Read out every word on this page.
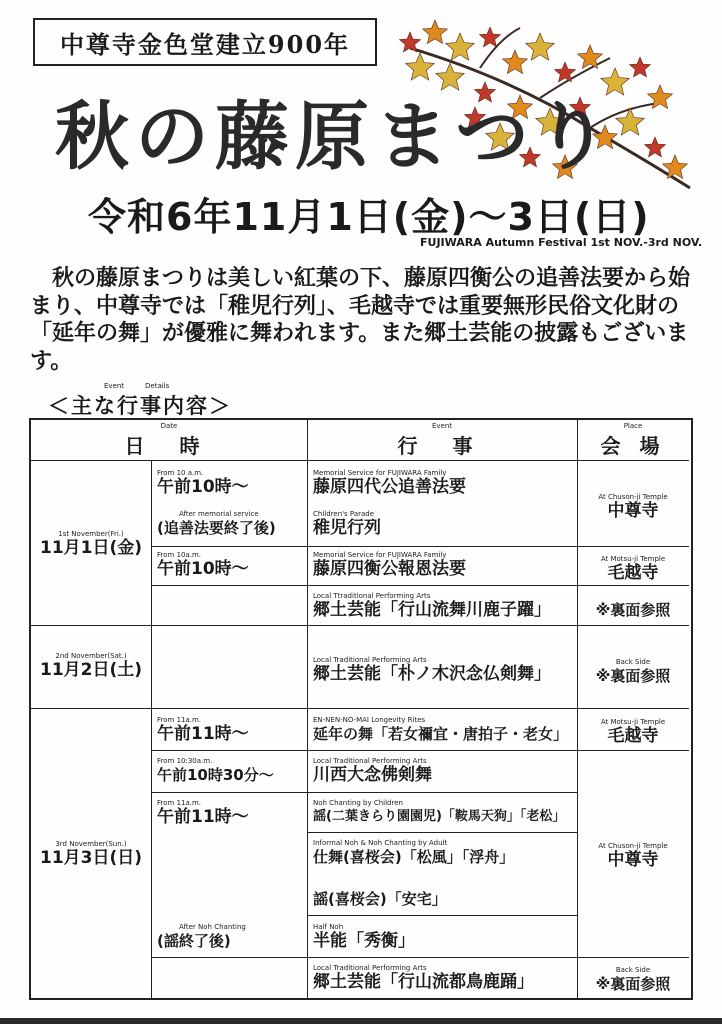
中尊寺金色堂建立900年
秋の藤原まつり
令和6年11月1日(金)〜3日(日)
FUJIWARA Autumn Festival 1st NOV.-3rd NOV.
秋の藤原まつりは美しい紅葉の下、藤原四衡公の追善法要から始まり、中尊寺では「稚児行列」、毛越寺では重要無形民俗文化財の「延年の舞」が優雅に舞われます。また郷土芸能の披露もございます。
Event	Details
＜主な行事内容＞
Date
日 時
Event
行 事
Place
会 場
1st November(Fri.)
11月1日(金)
2nd November(Sat.)
11月2日(土)
3rd November(Sun.)
11月3日(日)
From 10 a.m.
午前10時〜
After memorial service
(追善法要終了後)
From 10a.m.
午前10時〜
From 11a.m.
午前11時〜
From 10:30a.m.
午前10時30分〜
From 11a.m.
午前11時〜
After Noh Chanting
(謡終了後)
Memorial Service for FUJIWARA Family
藤原四代公追善法要
Children's Parade
稚児行列
Memorial Service for FUJIWARA Family
藤原四衡公報恩法要
Local Ttraditional Performing Arts
郷土芸能「行山流舞川鹿子躍」
Local Traditional Performing Arts
郷土芸能「朴ノ木沢念仏剣舞」
EN-NEN-NO-MAI Longevity Rites
延年の舞「若女禰宜・唐拍子・老女」
Local Traditional Performing Arts
川西大念佛剣舞
Noh Chanting by Children
謡(二葉きらり園園児)「鞍馬天狗」「老松」
Informal Noh & Noh Chanting by Adult
仕舞(喜桜会)「松風」「浮舟」
謡(喜桜会)「安宅」
Half Noh
半能「秀衡」
Local Traditional Performing Arts
郷土芸能「行山流都鳥鹿踊」
At Chuson-ji Temple
中尊寺
At Motsu-ji Temple
毛越寺
※裏面参照
Back Side
※裏面参照
At Motsu-ji Temple
毛越寺
At Chuson-ji Temple
中尊寺
Back Side
※裏面参照
